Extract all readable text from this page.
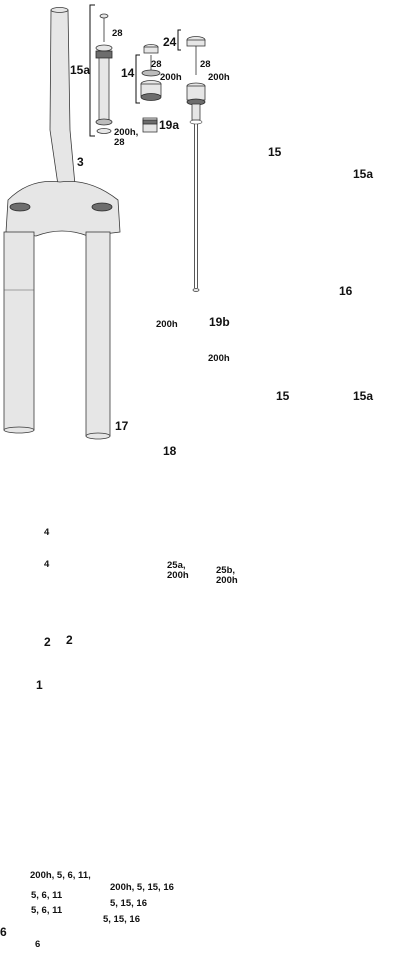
3
15a
28
200h,
28
14
28
200h
19a
24
28
200h
15
15a
16
15	15a
200h	19b
200h
17
18
4
4	25a,
200h	25b,
200h
2 2
1
200h, 5, 6, 11,
5, 6, 11
5, 6, 11
200h, 5, 15, 16
5, 15, 16
5, 15, 16
6
6
